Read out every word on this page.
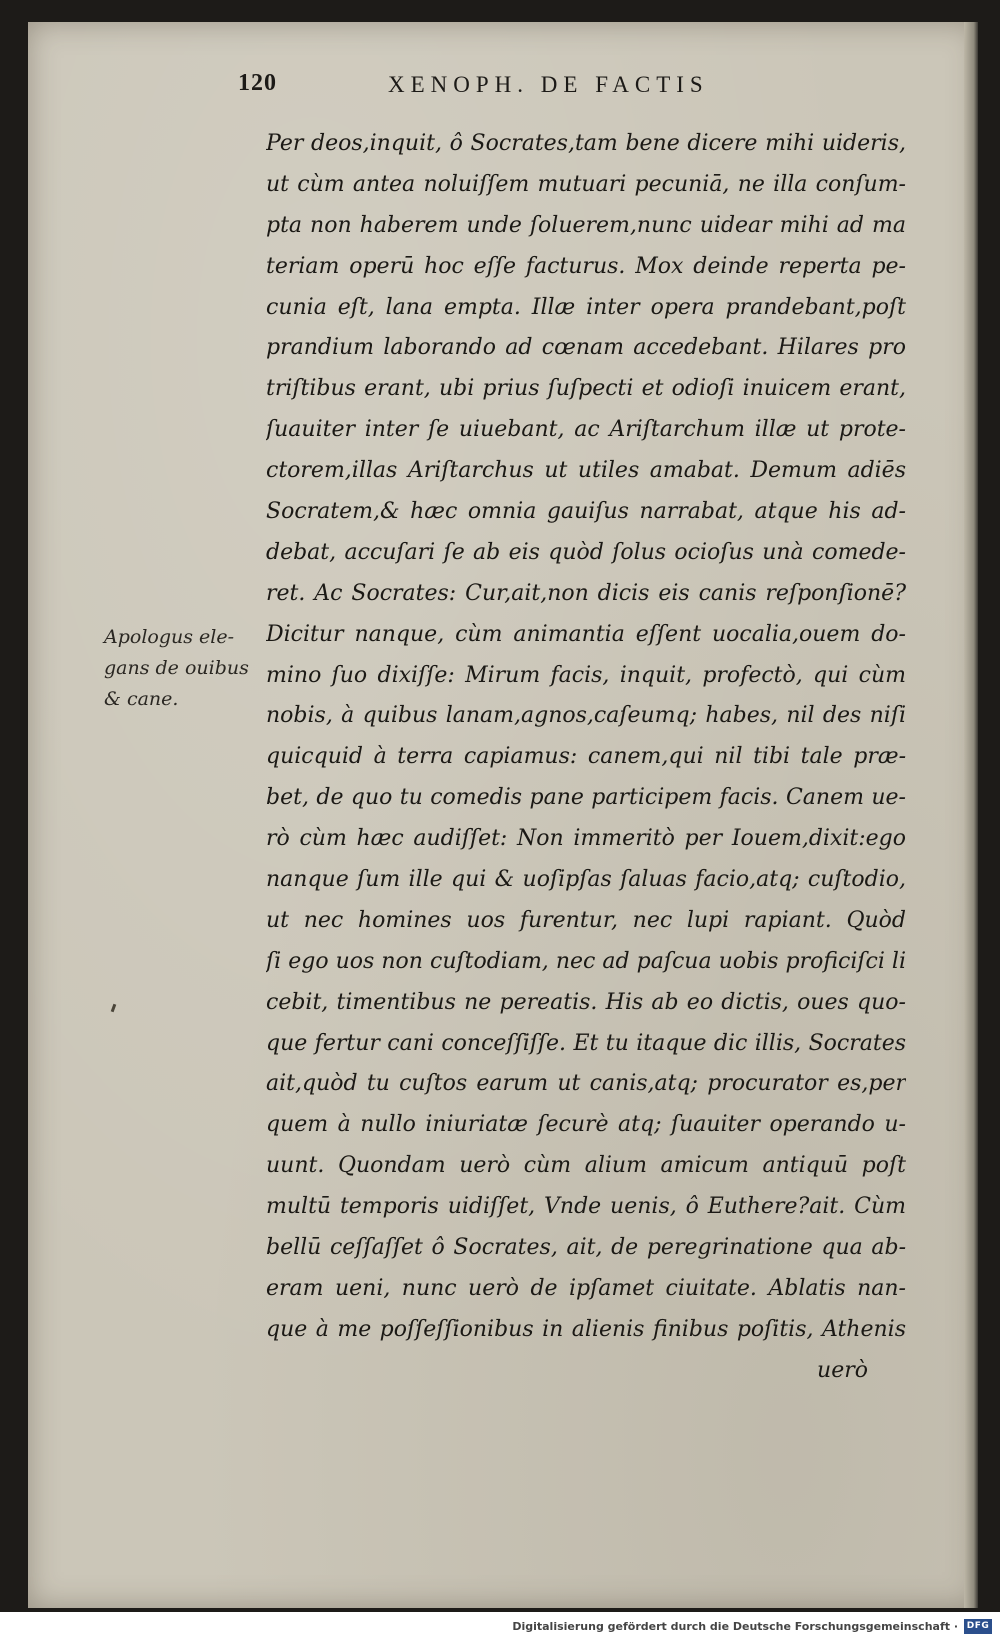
120	XENOPH. DE FACTIS
Per deos,inquit, ô Socrates,tam bene dicere mihi uideris,
ut cùm antea noluiſſem mutuari pecuniā, ne illa conſum-
pta non haberem unde ſoluerem,nunc uidear mihi ad ma
teriam operū hoc eſſe facturus. Mox deinde reperta pe-
cunia eſt, lana empta. Illæ inter opera prandebant,poſt
prandium laborando ad cœnam accedebant. Hilares pro
triſtibus erant, ubi prius ſuſpecti et odioſi inuicem erant,
ſuauiter inter ſe uiuebant, ac Ariſtarchum illæ ut prote-
ctorem,illas Ariſtarchus ut utiles amabat. Demum adiēs
Socratem,& hæc omnia gauiſus narrabat, atque his ad-
debat, accuſari ſe ab eis quòd ſolus ocioſus unà comede-
ret. Ac Socrates: Cur,ait,non dicis eis canis reſponſionē?
Dicitur nanque, cùm animantia eſſent uocalia,ouem do-
mino ſuo dixiſſe: Mirum facis, inquit, profectò, qui cùm
nobis, à quibus lanam,agnos,caſeumq; habes, nil des niſi
quicquid à terra capiamus: canem,qui nil tibi tale præ-
bet, de quo tu comedis pane participem facis. Canem ue-
rò cùm hæc audiſſet: Non immeritò per Iouem,dixit:ego
nanque ſum ille qui & uoſipſas ſaluas facio,atq; cuſtodio,
ut nec homines uos furentur, nec lupi rapiant. Quòd
ſi ego uos non cuſtodiam, nec ad paſcua uobis proficiſci li
cebit, timentibus ne pereatis. His ab eo dictis, oues quo-
que fertur cani conceſſiſſe. Et tu itaque dic illis, Socrates
ait,quòd tu cuſtos earum ut canis,atq; procurator es,per
quem à nullo iniuriatæ ſecurè atq; ſuauiter operando u-
uunt. Quondam uerò cùm alium amicum antiquū poſt
multū temporis uidiſſet, Vnde uenis, ô Euthere?ait. Cùm
bellū ceſſaſſet ô Socrates, ait, de peregrinatione qua ab-
eram ueni, nunc uerò de ipſamet ciuitate. Ablatis nan-
que à me poſſeſſionibus in alienis finibus poſitis, Athenis
uerò
Apologus ele-
gans de ouibus
& cane.
Digitalisierung gefördert durch die Deutsche Forschungsgemeinschaft · DFG
